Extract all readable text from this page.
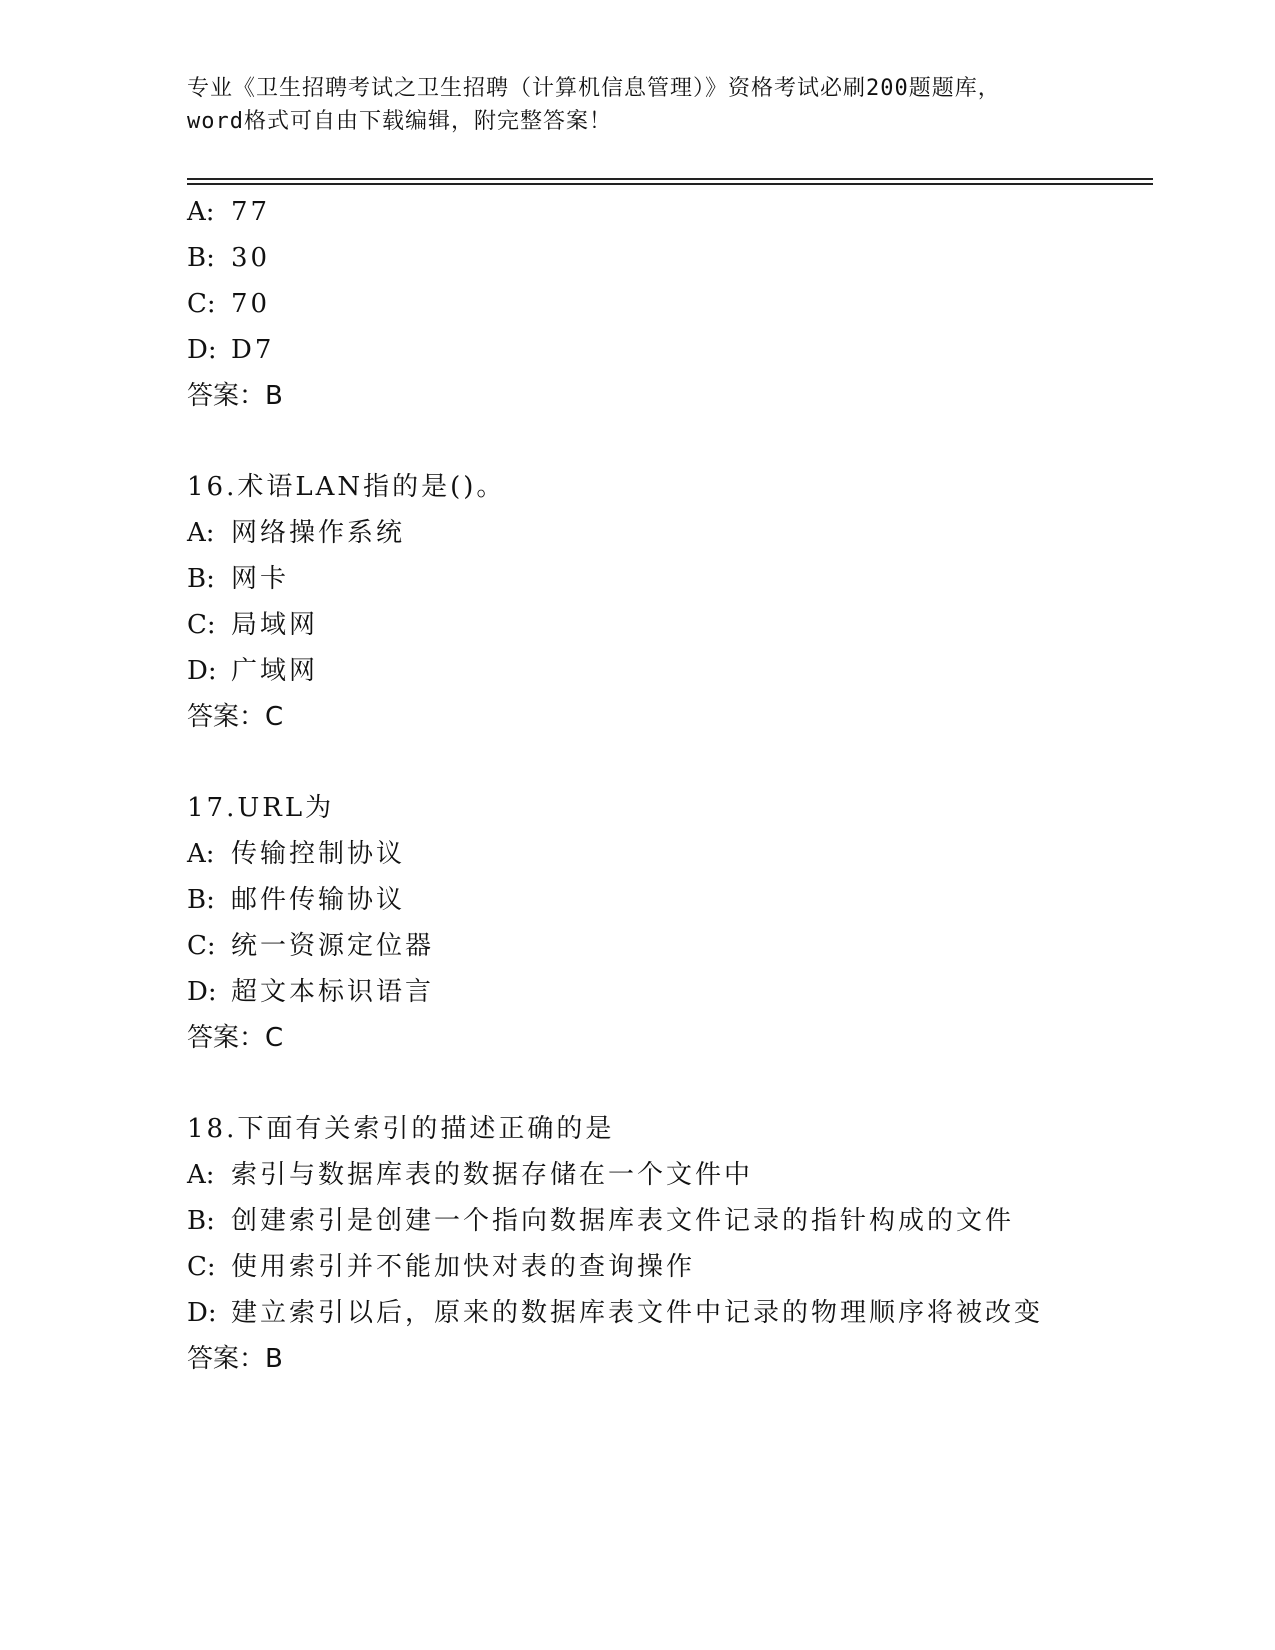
专业《卫生招聘考试之卫生招聘（计算机信息管理）》资格考试必刷200题题库，
word格式可自由下载编辑，附完整答案！
A: 77
B: 30
C: 70
D: D7
答案：B
16.术语LAN指的是()。
A: 网络操作系统
B: 网卡
C: 局域网
D: 广域网
答案：C
17.URL为
A: 传输控制协议
B: 邮件传输协议
C: 统一资源定位器
D: 超文本标识语言
答案：C
18.下面有关索引的描述正确的是
A: 索引与数据库表的数据存储在一个文件中
B: 创建索引是创建一个指向数据库表文件记录的指针构成的文件
C: 使用索引并不能加快对表的查询操作
D: 建立索引以后，原来的数据库表文件中记录的物理顺序将被改变
答案：B
